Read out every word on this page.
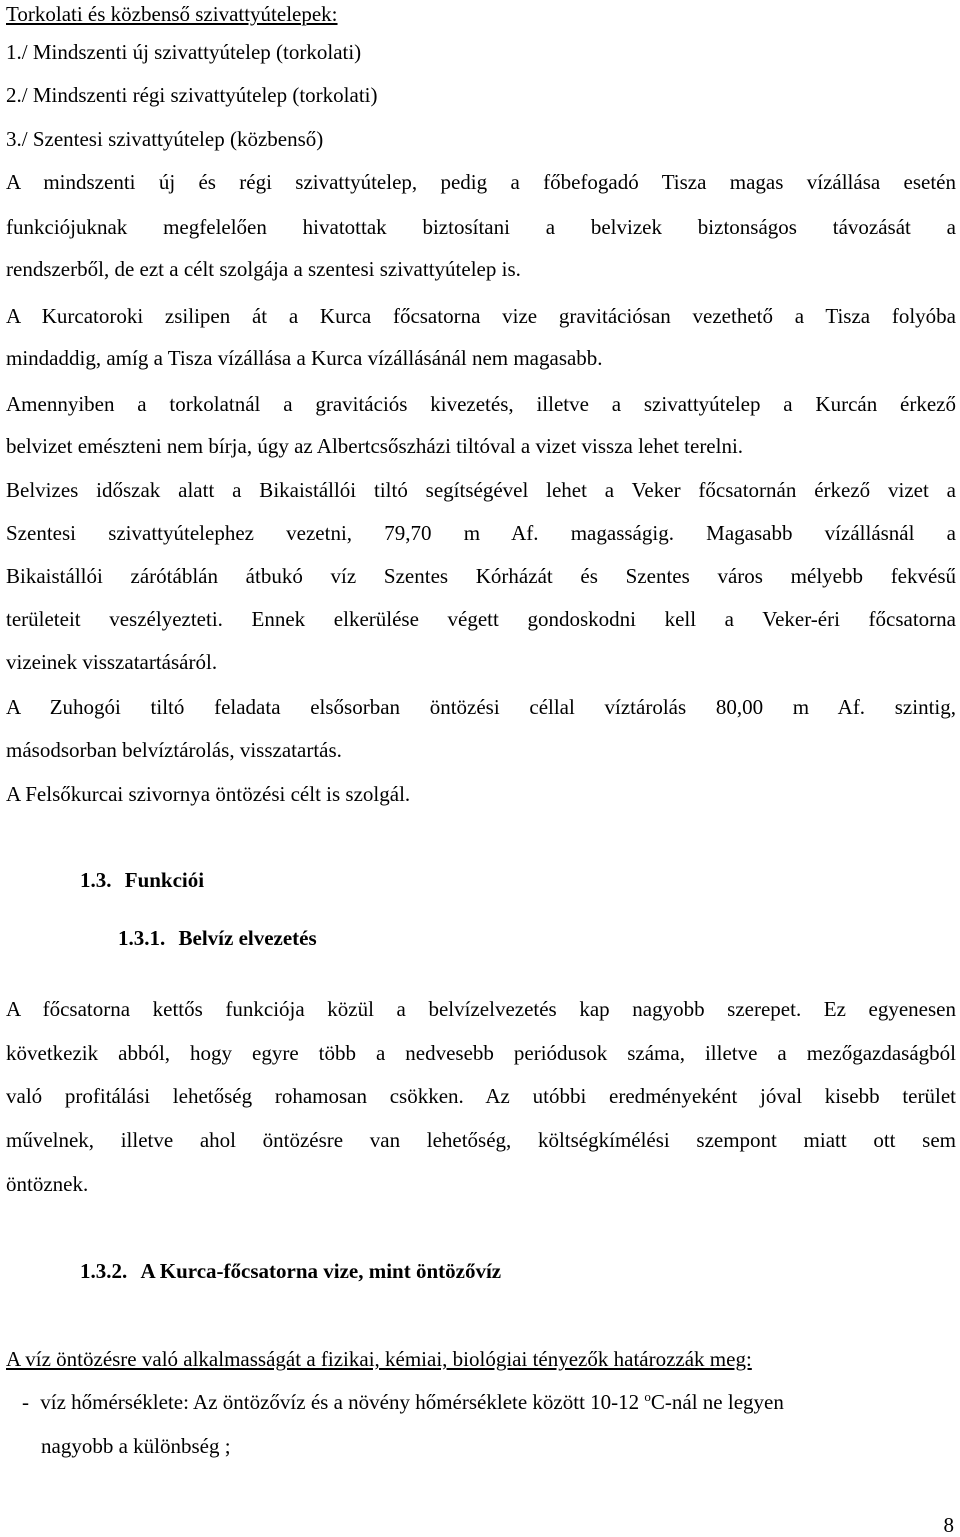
Torkolati és közbenső szivattyútelepek:
1./ Mindszenti új szivattyútelep (torkolati)
2./ Mindszenti régi szivattyútelep (torkolati)
3./ Szentesi szivattyútelep (közbenső)
A mindszenti új és régi szivattyútelep, pedig a főbefogadó Tisza magas vízállása esetén
funkciójuknak megfelelően hivatottak biztosítani a belvizek biztonságos távozását a
rendszerből, de ezt a célt szolgája a szentesi szivattyútelep is.
A Kurcatoroki zsilipen át a Kurca főcsatorna vize gravitációsan vezethető a Tisza folyóba
mindaddig, amíg a Tisza vízállása a Kurca vízállásánál nem magasabb.
Amennyiben a torkolatnál a gravitációs kivezetés, illetve a szivattyútelep a Kurcán érkező
belvizet emészteni nem bírja, úgy az Albertcsőszházi tiltóval a vizet vissza lehet terelni.
Belvizes időszak alatt a Bikaistállói tiltó segítségével lehet a Veker főcsatornán érkező vizet a
Szentesi szivattyútelephez vezetni, 79,70 m Af. magasságig. Magasabb vízállásnál a
Bikaistállói zárótáblán átbukó víz Szentes Kórházát és Szentes város mélyebb fekvésű
területeit veszélyezteti. Ennek elkerülése végett gondoskodni kell a Veker-éri főcsatorna
vizeinek visszatartásáról.
A Zuhogói tiltó feladata elsősorban öntözési céllal víztárolás 80,00 m Af. szintig,
másodsorban belvíztárolás, visszatartás.
A Felsőkurcai szivornya öntözési célt is szolgál.
1.3. Funkciói
1.3.1. Belvíz elvezetés
A főcsatorna kettős funkciója közül a belvízelvezetés kap nagyobb szerepet. Ez egyenesen
következik abból, hogy egyre több a nedvesebb periódusok száma, illetve a mezőgazdaságból
való profitálási lehetőség rohamosan csökken. Az utóbbi eredményeként jóval kisebb terület
művelnek, illetve ahol öntözésre van lehetőség, költségkímélési szempont miatt ott sem
öntöznek.
1.3.2. A Kurca-főcsatorna vize, mint öntözővíz
A víz öntözésre való alkalmasságát a fizikai, kémiai, biológiai tényezők határozzák meg:
- víz hőmérséklete: Az öntözővíz és a növény hőmérséklete között 10-12 $^o$C-nál ne legyen
nagyobb a különbség ;
8
